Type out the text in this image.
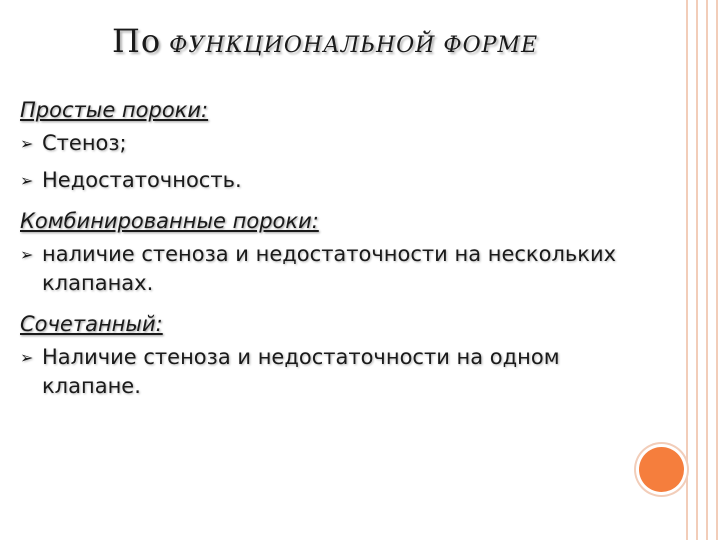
По ФУНКЦИОНАЛЬНОЙ ФОРМЕ
Простые пороки:
➢ Стеноз;
➢ Недостаточность.
Комбинированные пороки:
➢ наличие стеноза и недостаточности на нескольких клапанах.
Сочетанный:
➢ Наличие стеноза и недостаточности на одном клапане.
